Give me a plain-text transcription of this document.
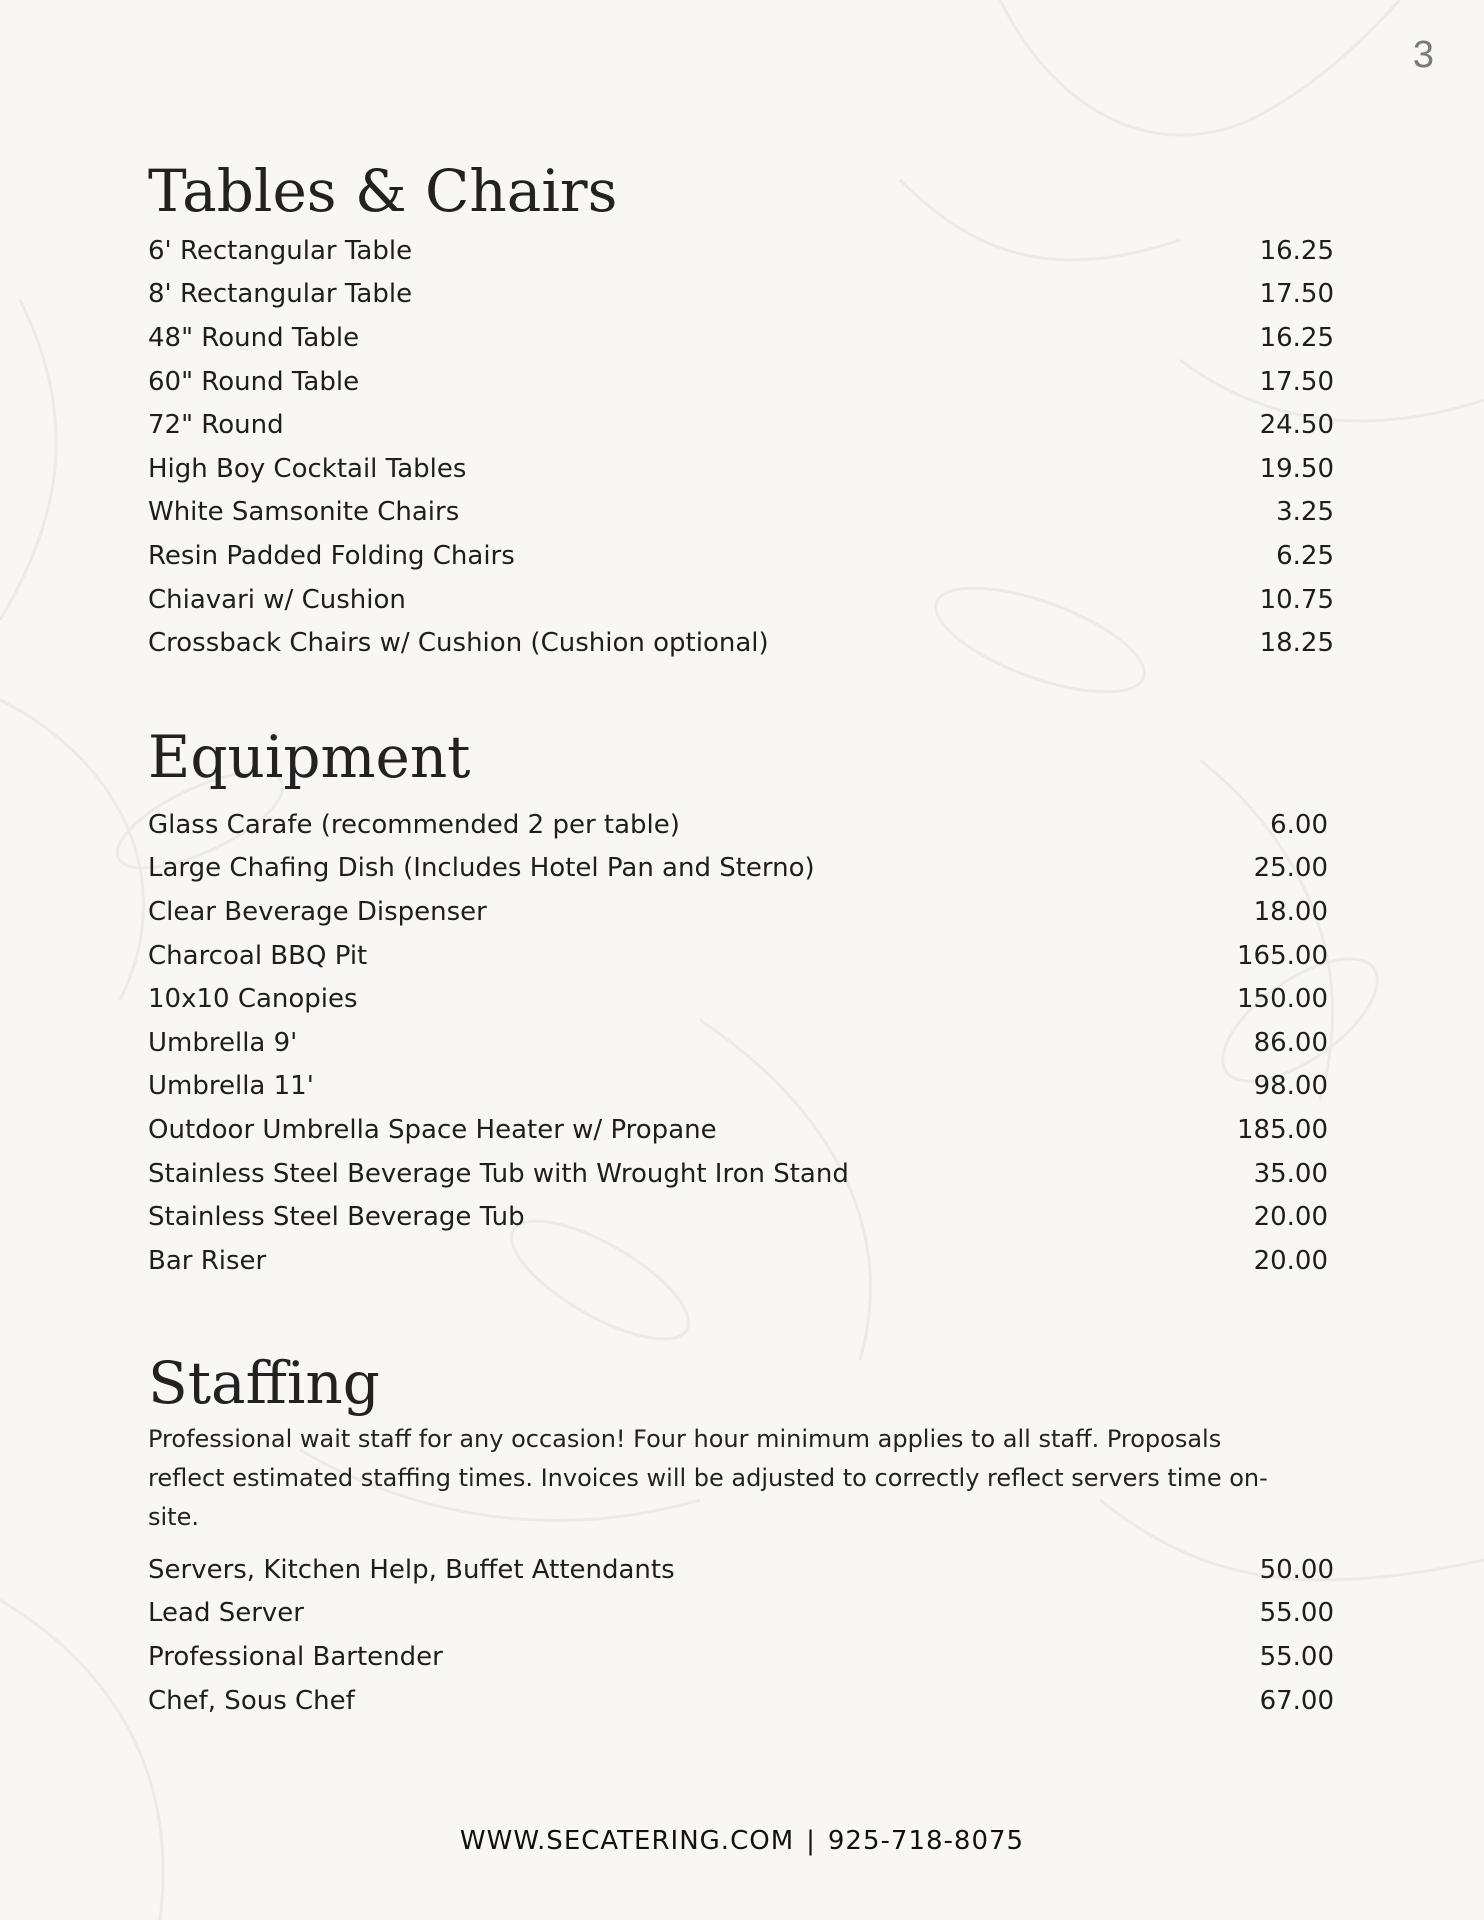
3
Tables & Chairs
6' Rectangular Table	16.25
8' Rectangular Table	17.50
48" Round Table	16.25
60" Round Table	17.50
72" Round	24.50
High Boy Cocktail Tables	19.50
White Samsonite Chairs	3.25
Resin Padded Folding Chairs	6.25
Chiavari w/ Cushion	10.75
Crossback Chairs w/ Cushion (Cushion optional)	18.25
Equipment
Glass Carafe (recommended 2 per table)	6.00
Large Chafing Dish (Includes Hotel Pan and Sterno)	25.00
Clear Beverage Dispenser	18.00
Charcoal BBQ Pit	165.00
10x10 Canopies	150.00
Umbrella 9'	86.00
Umbrella 11'	98.00
Outdoor Umbrella Space Heater w/ Propane	185.00
Stainless Steel Beverage Tub with Wrought Iron Stand	35.00
Stainless Steel Beverage Tub	20.00
Bar Riser	20.00
Staffing

Professional wait staff for any occasion! Four hour minimum applies to all staff. Proposals reflect estimated staffing times. Invoices will be adjusted to correctly reflect servers time on-site.

Servers, Kitchen Help, Buffet Attendants	50.00
Lead Server	55.00
Professional Bartender	55.00
Chef, Sous Chef	67.00
WWW.SECATERING.COM | 925-718-8075
